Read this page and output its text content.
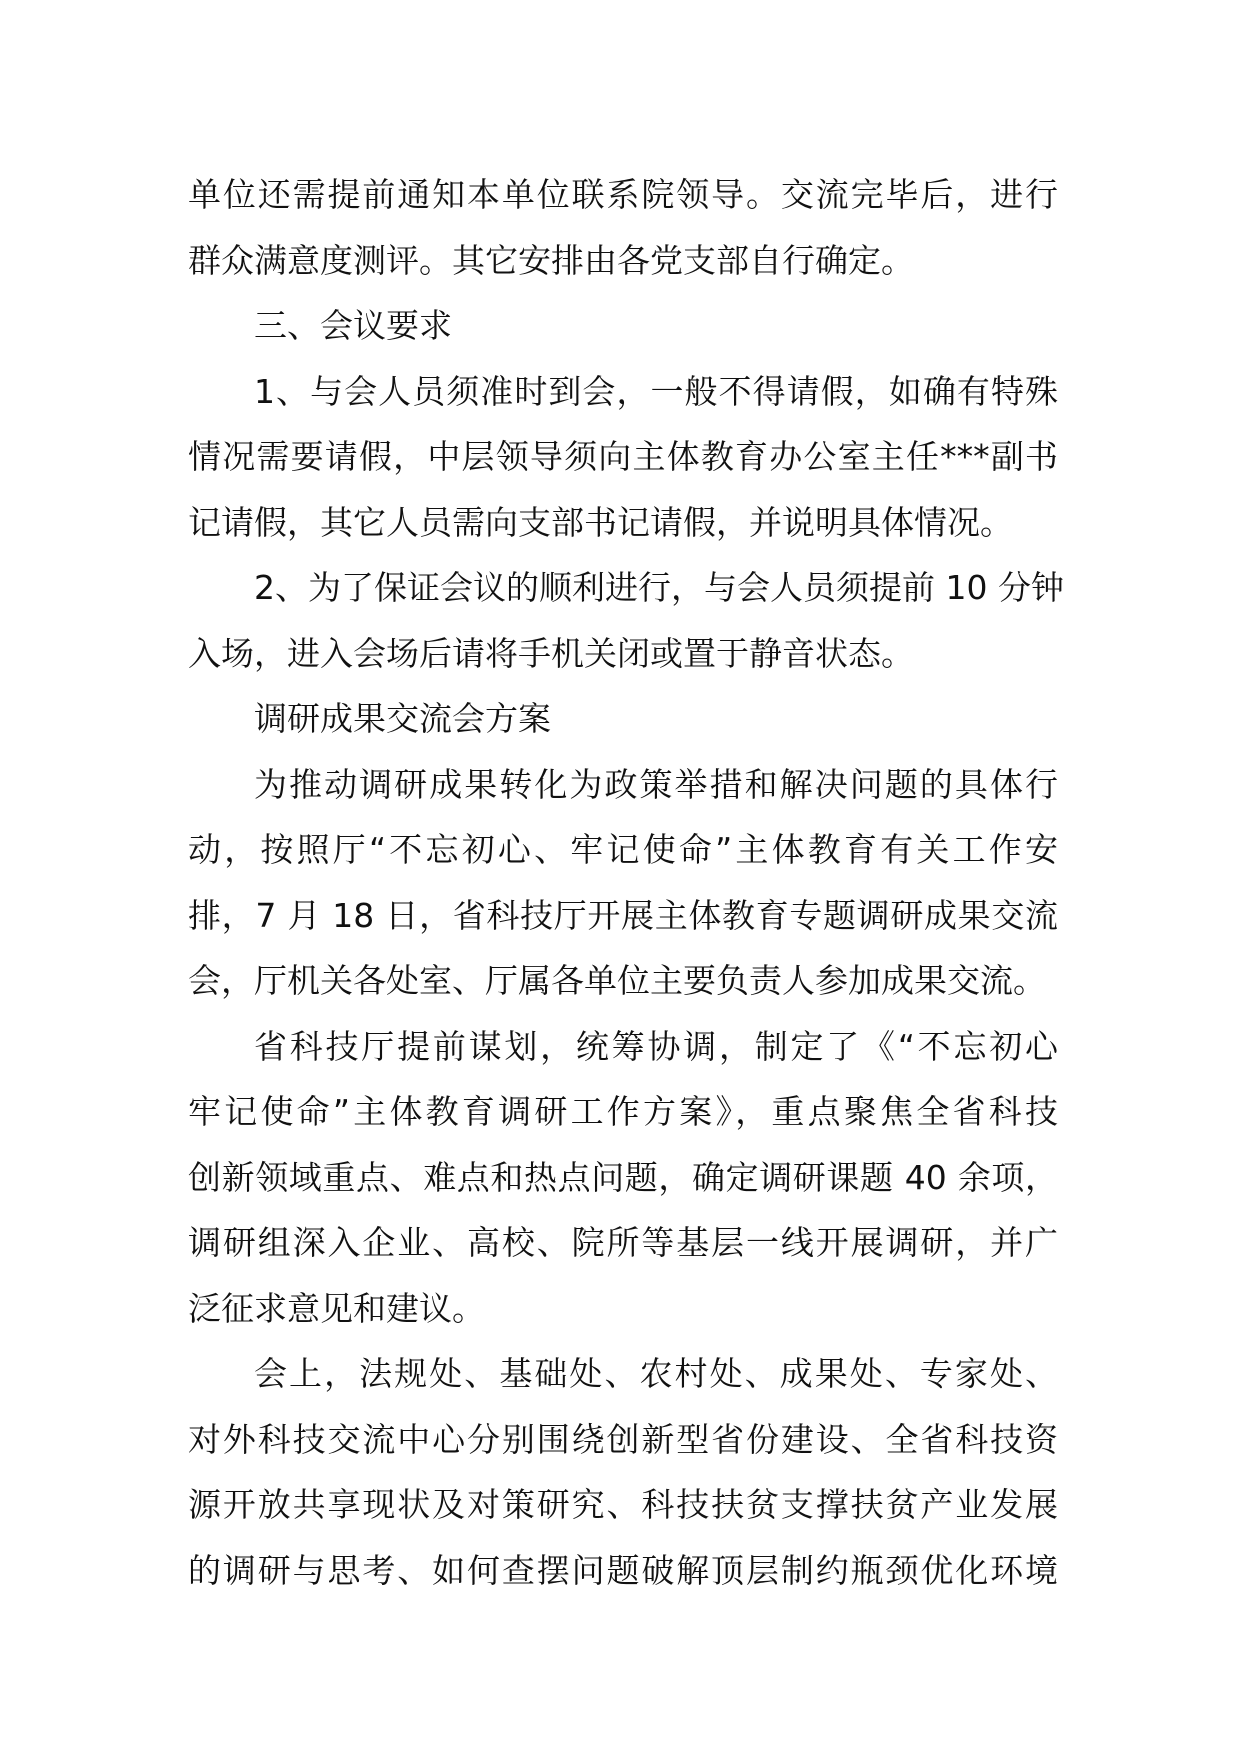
单位还需提前通知本单位联系院领导。交流完毕后，进行
群众满意度测评。其它安排由各党支部自行确定。
三、会议要求
1、与会人员须准时到会，一般不得请假，如确有特殊
情况需要请假，中层领导须向主体教育办公室主任***副书
记请假，其它人员需向支部书记请假，并说明具体情况。
2、为了保证会议的顺利进行，与会人员须提前 10 分钟
入场，进入会场后请将手机关闭或置于静音状态。
调研成果交流会方案
为推动调研成果转化为政策举措和解决问题的具体行
动，按照厅“不忘初心、牢记使命”主体教育有关工作安
排，7 月 18 日，省科技厅开展主体教育专题调研成果交流
会，厅机关各处室、厅属各单位主要负责人参加成果交流。
省科技厅提前谋划，统筹协调，制定了《“不忘初心
牢记使命”主体教育调研工作方案》，重点聚焦全省科技
创新领域重点、难点和热点问题，确定调研课题 40 余项，
调研组深入企业、高校、院所等基层一线开展调研，并广
泛征求意见和建议。
会上，法规处、基础处、农村处、成果处、专家处、
对外科技交流中心分别围绕创新型省份建设、全省科技资
源开放共享现状及对策研究、科技扶贫支撑扶贫产业发展
的调研与思考、如何查摆问题破解顶层制约瓶颈优化环境
